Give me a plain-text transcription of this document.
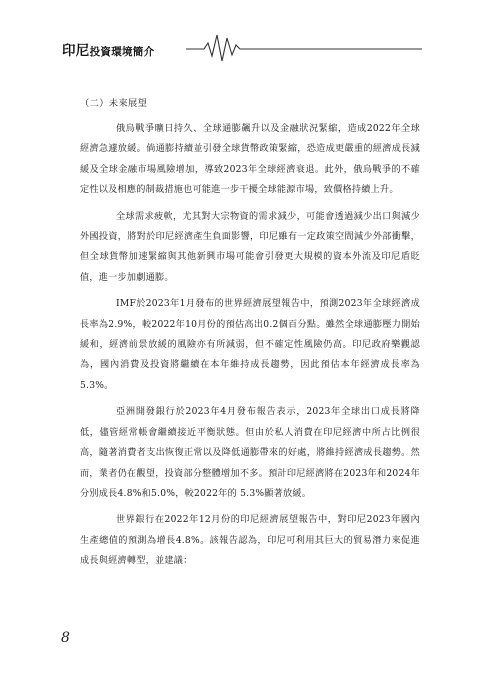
印尼投資環境簡介

（二）未來展望

俄烏戰爭曠日持久、全球通膨飆升以及金融狀況緊縮，造成2022年全球經濟急遽放緩。倘通膨持續並引發全球貨幣政策緊縮，恐造成更嚴重的經濟成長減緩及全球金融市場風險增加，導致2023年全球經濟衰退。此外，俄烏戰爭的不確定性以及相應的制裁措施也可能進一步干擾全球能源市場，致價格持續上升。

全球需求疲軟，尤其對大宗物資的需求減少，可能會透過減少出口與減少外國投資，將對於印尼經濟產生負面影響，印尼雖有一定政策空間減少外部衝擊，但全球貨幣加速緊縮與其他新興市場可能會引發更大規模的資本外流及印尼盾貶值，進一步加劇通膨。

IMF於2023年1月發布的世界經濟展望報告中，預測2023年全球經濟成長率為2.9%，較2022年10月份的預估高出0.2個百分點。雖然全球通膨壓力開始緩和，經濟前景放緩的風險亦有所減弱，但不確定性風險仍高。印尼政府樂觀認為，國內消費及投資將繼續在本年維持成長趨勢，因此預估本年經濟成長率為5.3%。

亞洲開發銀行於2023年4月發布報告表示，2023年全球出口成長將降低，儘管經常帳會繼續接近平衡狀態。但由於私人消費在印尼經濟中所占比例很高，隨著消費者支出恢復正常以及降低通膨帶來的好處，將維持經濟成長趨勢。然而，業者仍在觀望，投資部分整體增加不多。預計印尼經濟將在2023年和2024年分別成長4.8%和5.0%，較2022年的 5.3%顯著放緩。

世界銀行在2022年12月份的印尼經濟展望報告中，對印尼2023年國內生產總值的預測為增長4.8%。該報告認為，印尼可利用其巨大的貿易潛力來促進成長與經濟轉型，並建議：

8
